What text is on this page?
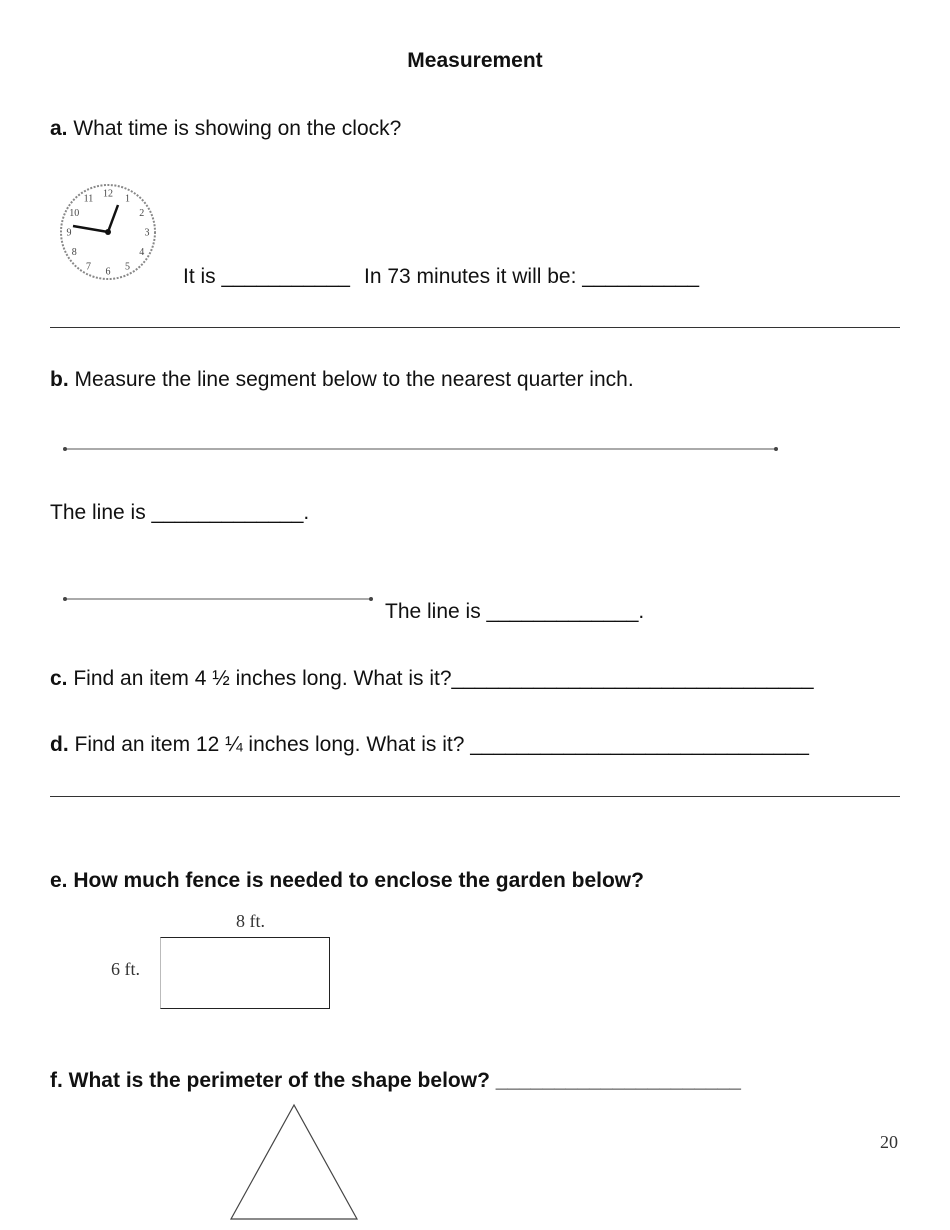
Measurement
a. What time is showing on the clock?
12 1
2
3
4
5
6
7
8
9
10
11
It is ___________ In 73 minutes it will be: __________
b. Measure the line segment below to the nearest quarter inch.
The line is _____________.
The line is _____________.
c. Find an item 4 ½ inches long. What is it?_______________________________
d. Find an item 12 ¼ inches long. What is it? _____________________________
e. How much fence is needed to enclose the garden below?
8 ft.
6 ft.
f. What is the perimeter of the shape below? _____________________
20
